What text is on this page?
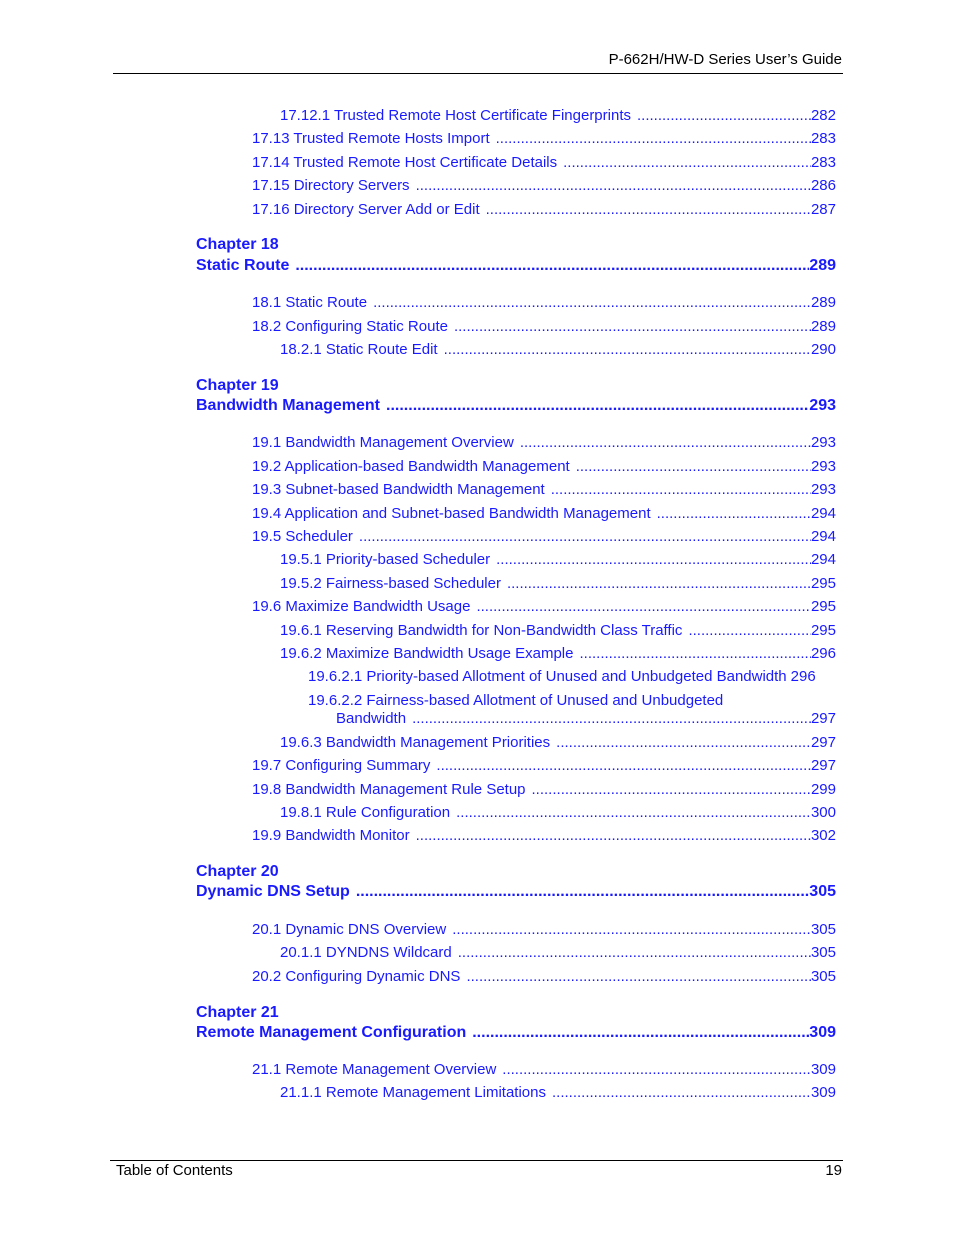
P-662H/HW-D Series User’s Guide
17.12.1 Trusted Remote Host Certificate Fingerprints .....	282
17.13 Trusted Remote Hosts Import .....	283
17.14 Trusted Remote Host Certificate Details .....	283
17.15 Directory Servers .....	286
17.16 Directory Server Add or Edit .....	287
Chapter 18
Static Route .....	289
18.1 Static Route .....	289
18.2 Configuring Static Route .....	289
18.2.1 Static Route Edit .....	290
Chapter 19
Bandwidth Management .....	293
19.1 Bandwidth Management Overview .....	293
19.2 Application-based Bandwidth Management .....	293
19.3 Subnet-based Bandwidth Management .....	293
19.4 Application and Subnet-based Bandwidth Management .....	294
19.5 Scheduler .....	294
19.5.1 Priority-based Scheduler .....	294
19.5.2 Fairness-based Scheduler .....	295
19.6 Maximize Bandwidth Usage .....	295
19.6.1 Reserving Bandwidth for Non-Bandwidth Class Traffic .....	295
19.6.2 Maximize Bandwidth Usage Example .....	296
19.6.2.1 Priority-based Allotment of Unused and Unbudgeted Bandwidth 296
19.6.2.2 Fairness-based Allotment of Unused and Unbudgeted
Bandwidth .....	297
19.6.3 Bandwidth Management Priorities .....	297
19.7 Configuring Summary .....	297
19.8 Bandwidth Management Rule Setup .....	299
19.8.1 Rule Configuration .....	300
19.9 Bandwidth Monitor .....	302
Chapter 20
Dynamic DNS Setup .....	305
20.1 Dynamic DNS Overview .....	305
20.1.1 DYNDNS Wildcard .....	305
20.2 Configuring Dynamic DNS .....	305
Chapter 21
Remote Management Configuration .....	309
21.1 Remote Management Overview .....	309
21.1.1 Remote Management Limitations .....	309
Table of Contents	19
